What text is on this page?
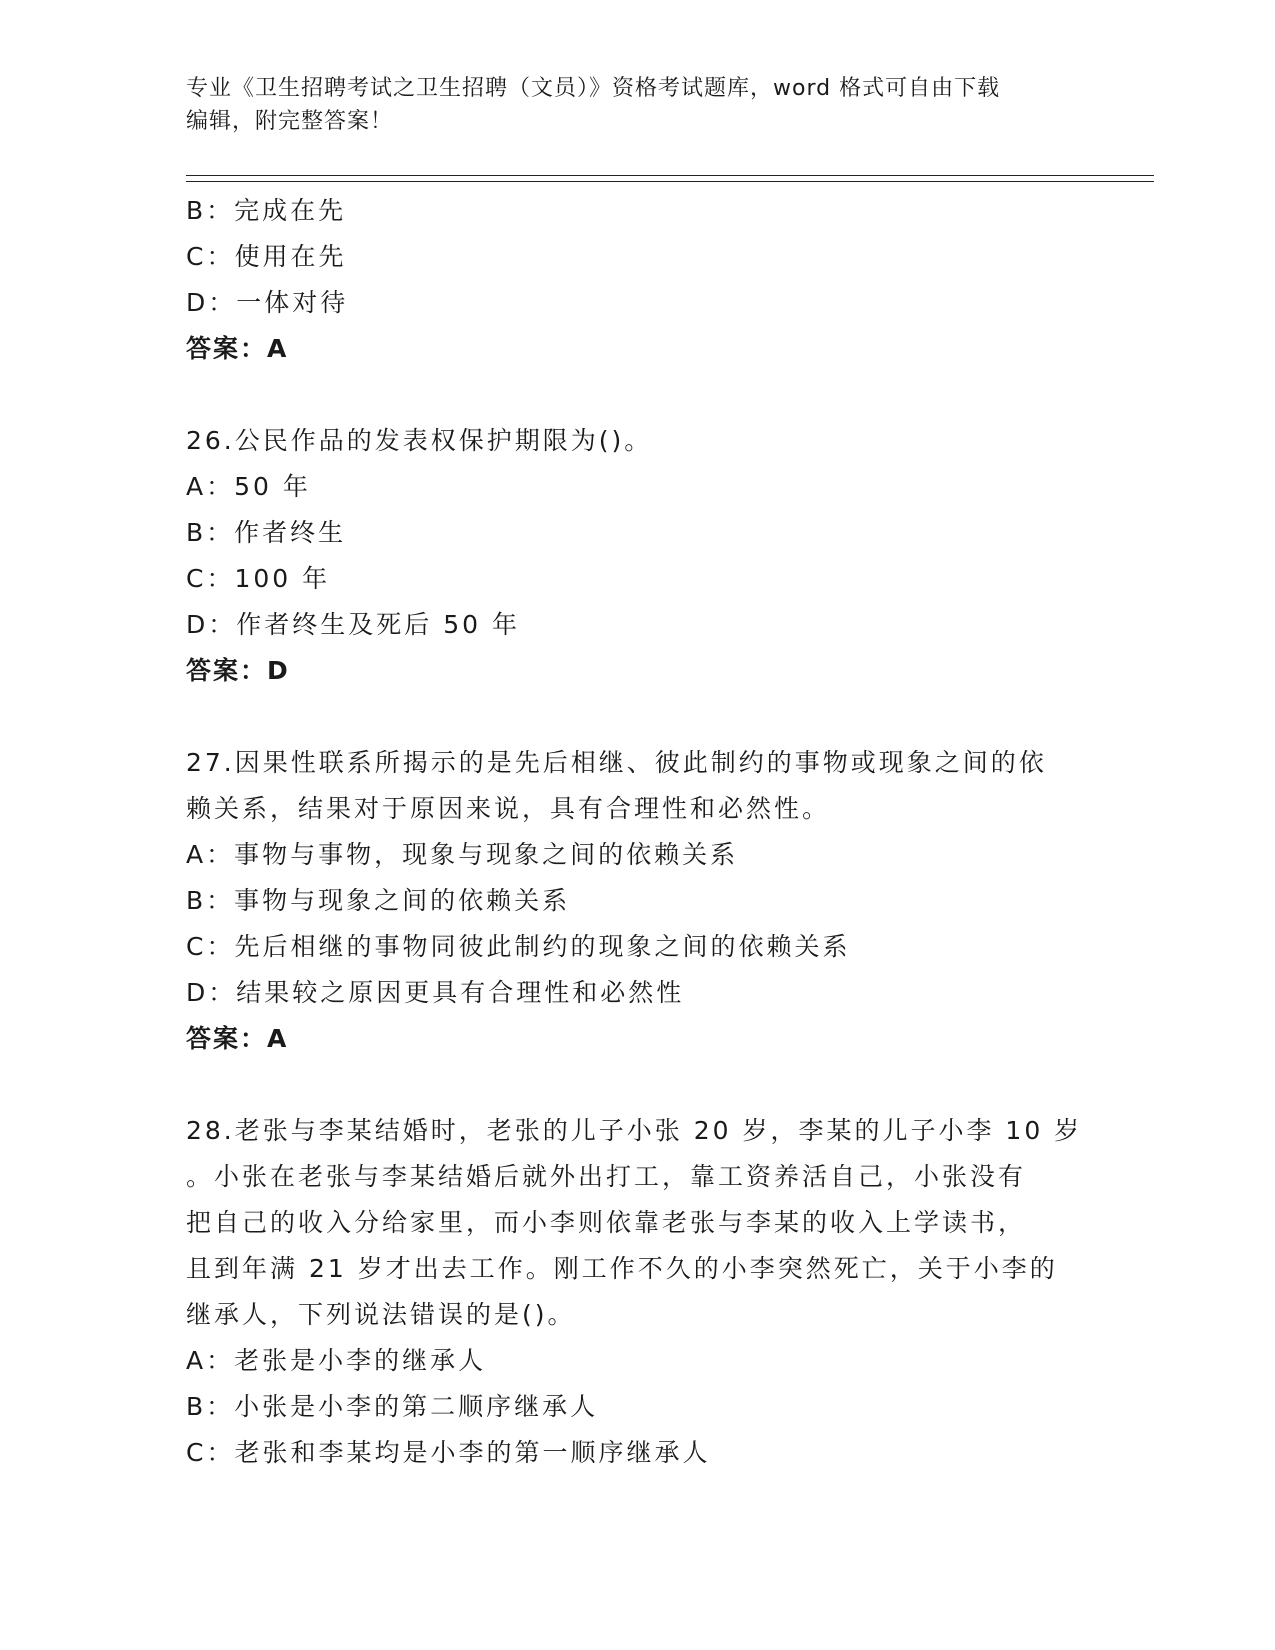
专业《卫生招聘考试之卫生招聘（文员）》资格考试题库，word 格式可自由下载
编辑，附完整答案！
B：完成在先
C：使用在先
D：一体对待
答案：A
26.公民作品的发表权保护期限为()。
A：50 年
B：作者终生
C：100 年
D：作者终生及死后 50 年
答案：D
27.因果性联系所揭示的是先后相继、彼此制约的事物或现象之间的依
赖关系，结果对于原因来说，具有合理性和必然性。
A：事物与事物，现象与现象之间的依赖关系
B：事物与现象之间的依赖关系
C：先后相继的事物同彼此制约的现象之间的依赖关系
D：结果较之原因更具有合理性和必然性
答案：A
28.老张与李某结婚时，老张的儿子小张 20 岁，李某的儿子小李 10 岁
。小张在老张与李某结婚后就外出打工，靠工资养活自己，小张没有
把自己的收入分给家里，而小李则依靠老张与李某的收入上学读书，
且到年满 21 岁才出去工作。刚工作不久的小李突然死亡，关于小李的
继承人，下列说法错误的是()。
A：老张是小李的继承人
B：小张是小李的第二顺序继承人
C：老张和李某均是小李的第一顺序继承人
